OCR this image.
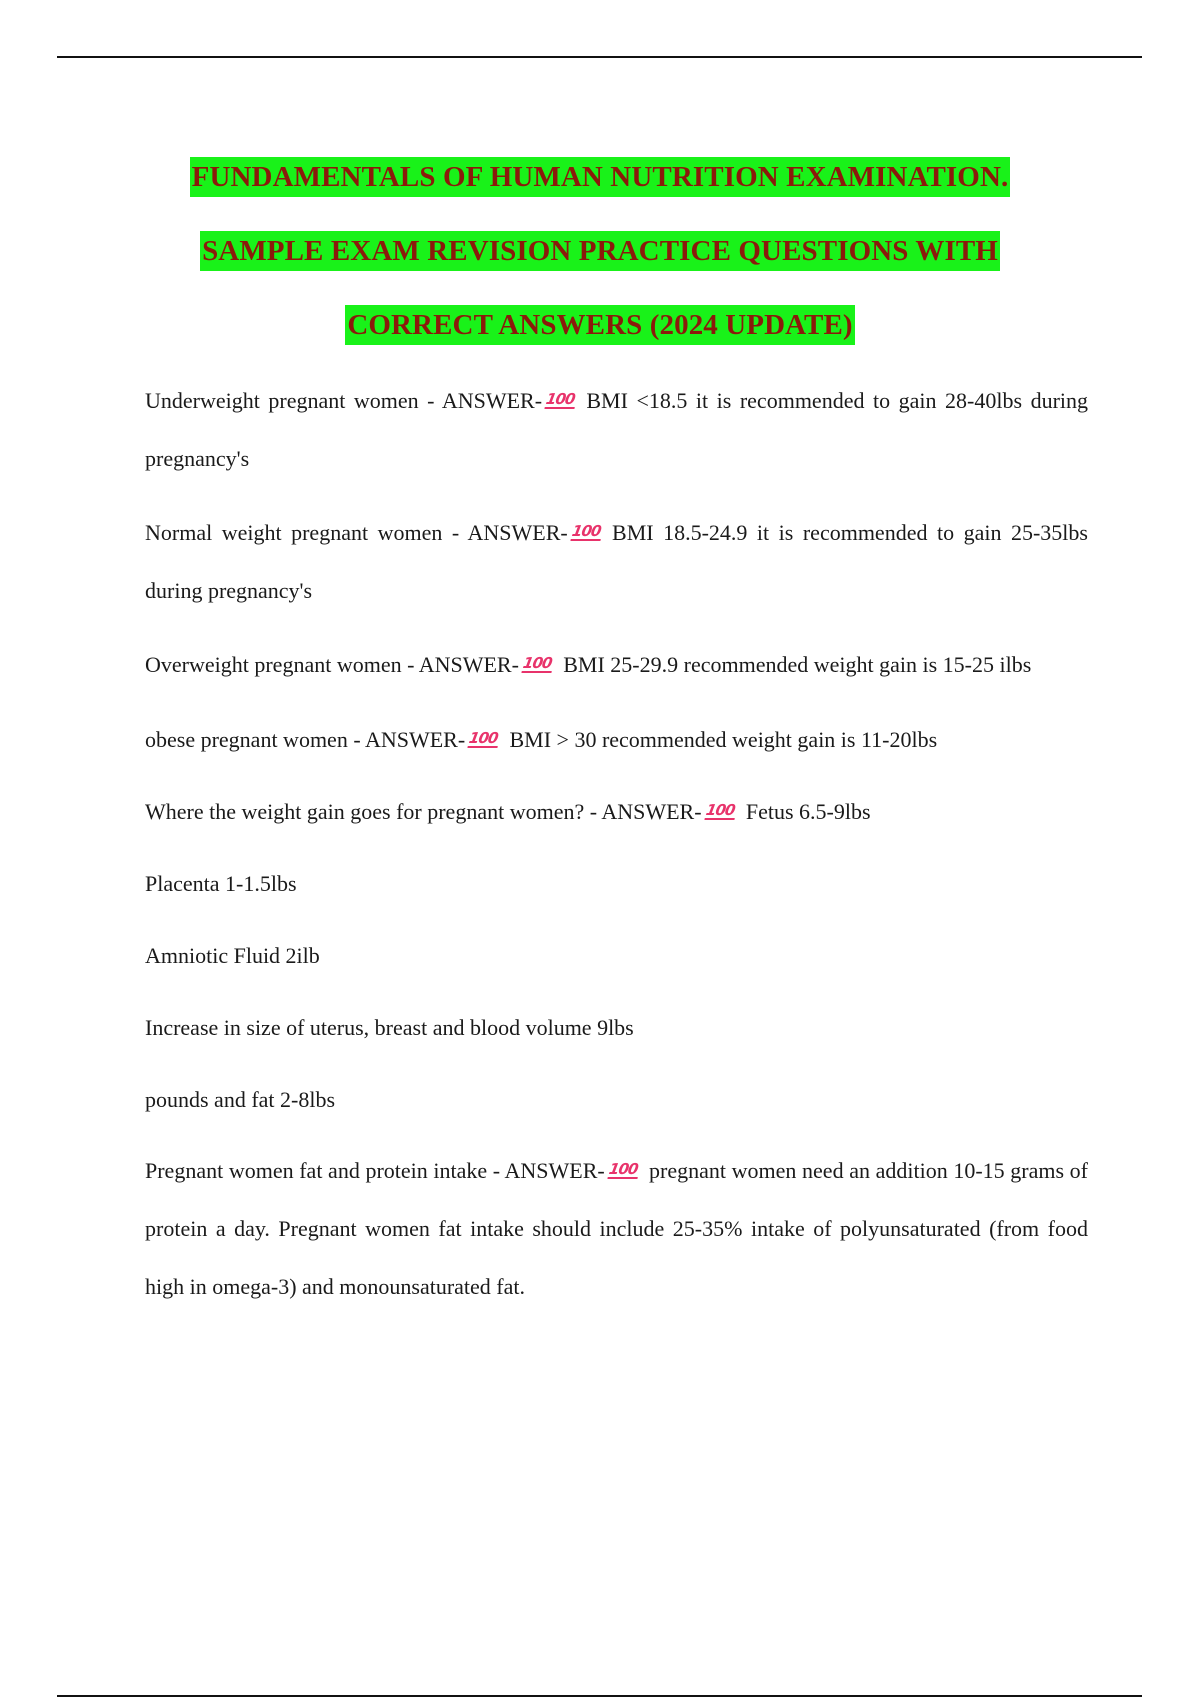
FUNDAMENTALS OF HUMAN NUTRITION EXAMINATION.
SAMPLE EXAM REVISION PRACTICE QUESTIONS WITH
CORRECT ANSWERS (2024 UPDATE)

Underweight pregnant women - ANSWER- 100 BMI <18.5 it is recommended to gain 28-40lbs during pregnancy's

Normal weight pregnant women - ANSWER- 100 BMI 18.5-24.9 it is recommended to gain 25-35lbs during pregnancy's

Overweight pregnant women - ANSWER- 100 BMI 25-29.9 recommended weight gain is 15-25 ilbs

obese pregnant women - ANSWER- 100 BMI > 30 recommended weight gain is 11-20lbs

Where the weight gain goes for pregnant women? - ANSWER- 100 Fetus 6.5-9lbs

Placenta 1-1.5lbs

Amniotic Fluid 2ilb

Increase in size of uterus, breast and blood volume 9lbs

pounds and fat 2-8lbs

Pregnant women fat and protein intake - ANSWER- 100 pregnant women need an addition 10-15 grams of protein a day. Pregnant women fat intake should include 25-35% intake of polyunsaturated (from food high in omega-3) and monounsaturated fat.
